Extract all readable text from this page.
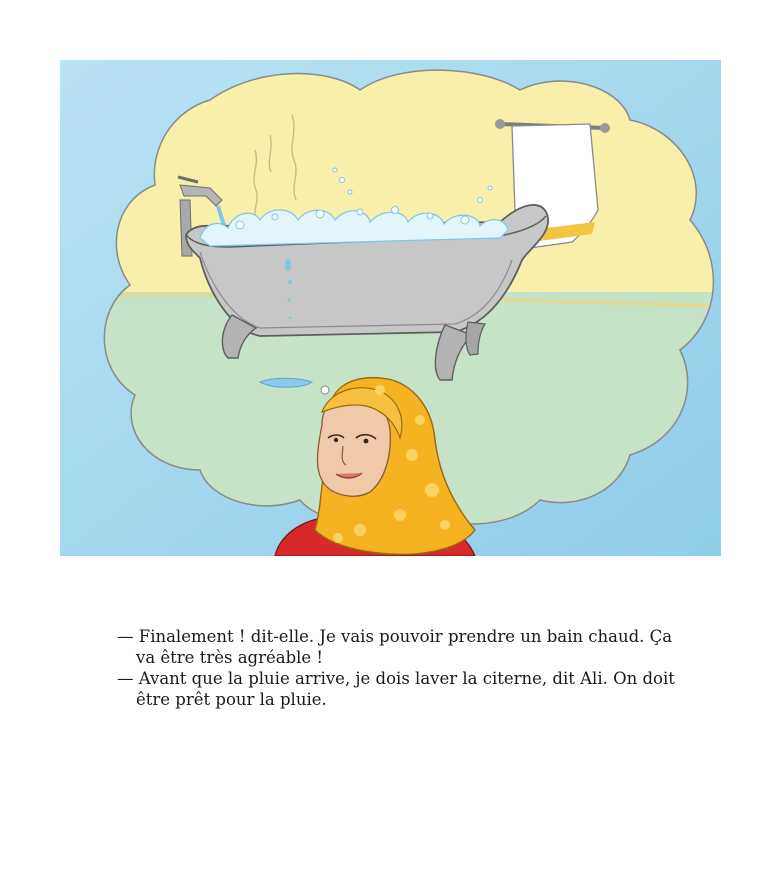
— Finalement ! dit-elle. Je vais pouvoir prendre un bain chaud. Ça va être très agréable !

— Avant que la pluie arrive, je dois laver la citerne, dit Ali. On doit être prêt pour la pluie.
